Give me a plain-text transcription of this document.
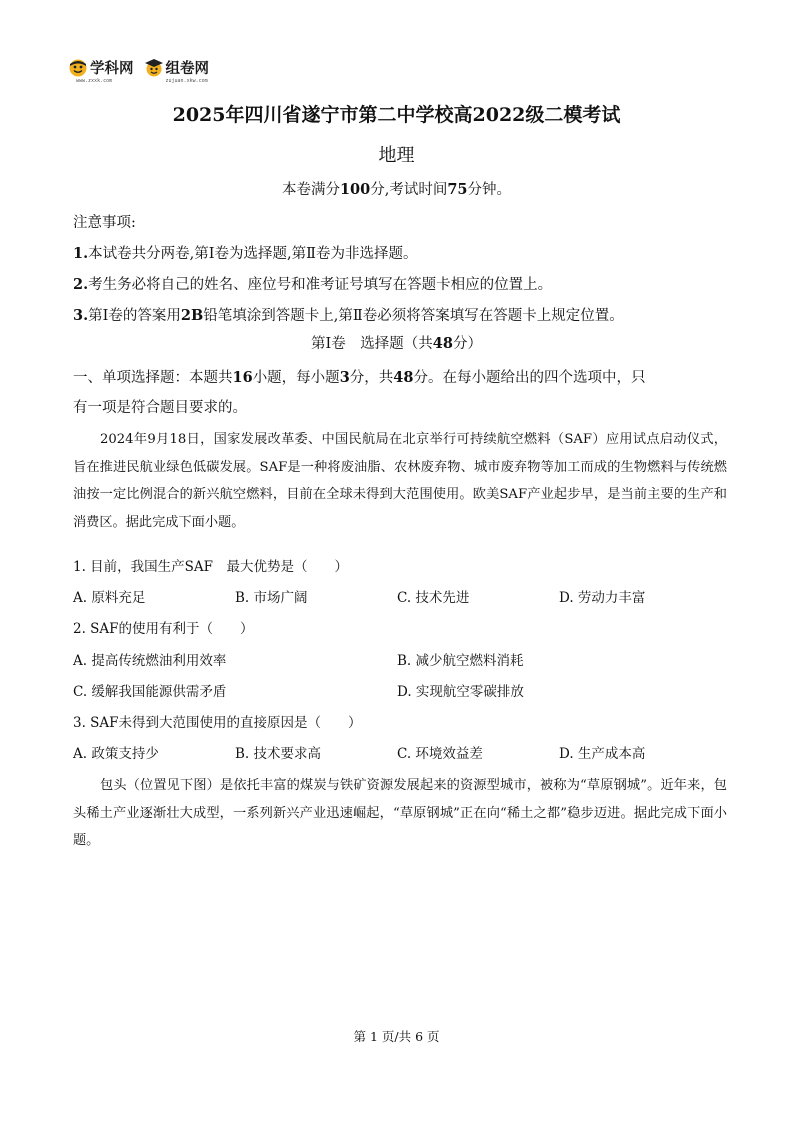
学科网
www.zxxk.com
组卷网
zujuan.xkw.com
2025年四川省遂宁市第二中学校高2022级二模考试
地理
本卷满分100分,考试时间75分钟。
注意事项:
1.本试卷共分两卷,第Ⅰ卷为选择题,第Ⅱ卷为非选择题。
2.考生务必将自己的姓名、座位号和准考证号填写在答题卡相应的位置上。
3.第Ⅰ卷的答案用2B铅笔填涂到答题卡上,第Ⅱ卷必须将答案填写在答题卡上规定位置。
第Ⅰ卷　选择题（共48分）
一、单项选择题：本题共16小题，每小题3分，共48分。在每小题给出的四个选项中，只
有一项是符合题目要求的。

2024年9月18日，国家发展改革委、中国民航局在北京举行可持续航空燃料（SAF）应用试点启动仪式，旨在推进民航业绿色低碳发展。SAF是一种将废油脂、农林废弃物、城市废弃物等加工而成的生物燃料与传统燃油按一定比例混合的新兴航空燃料，目前在全球未得到大范围使用。欧美SAF产业起步早，是当前主要的生产和消费区。据此完成下面小题。

1. 目前，我国生产SAF　最大优势是（　　）
A. 原料充足	B. 市场广阔	C. 技术先进	D. 劳动力丰富
2. SAF的使用有利于（　　）
A. 提高传统燃油利用效率	B. 减少航空燃料消耗
C. 缓解我国能源供需矛盾	D. 实现航空零碳排放
3. SAF未得到大范围使用的直接原因是（　　）
A. 政策支持少	B. 技术要求高	C. 环境效益差	D. 生产成本高

包头（位置见下图）是依托丰富的煤炭与铁矿资源发展起来的资源型城市，被称为“草原钢城”。近年来，包头稀土产业逐渐壮大成型，一系列新兴产业迅速崛起，“草原钢城”正在向“稀土之都”稳步迈进。据此完成下面小题。

第 1 页/共 6 页
